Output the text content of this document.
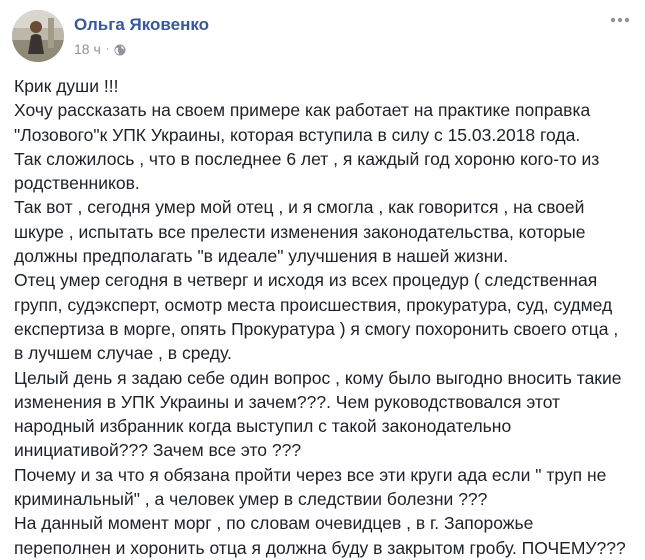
Ольга Яковенко
18 ч ·
Крик души !!!
Хочу рассказать на своем примере как работает на практике поправка
"Лозового"к УПК Украины, которая вступила в силу с 15.03.2018 года.
Так сложилось , что в последнее 6 лет , я каждый год хороню кого-то из
родственников.
Так вот , сегодня умер мой отец , и я смогла , как говорится , на своей
шкуре , испытать все прелести изменения законодательства, которые
должны предполагать "в идеале" улучшения в нашей жизни.
Отец умер сегодня в четверг и исходя из всех процедур ( следственная
групп, судэксперт, осмотр места происшествия, прокуратура, суд, судмед
експертиза в морге, опять Прокуратура ) я смогу похоронить своего отца ,
в лучшем случае , в среду.
Целый день я задаю себе один вопрос , кому было выгодно вносить такие
изменения в УПК Украины и зачем???. Чем руководствовался этот
народный избранник когда выступил с такой законодательно
инициативой??? Зачем все это ???
Почему и за что я обязана пройти через все эти круги ада если " труп не
криминальный" , а человек умер в следствии болезни ???
На данный момент морг , по словам очевидцев , в г. Запорожье
переполнен и хоронить отца я должна буду в закрытом гробу. ПОЧЕМУ???
